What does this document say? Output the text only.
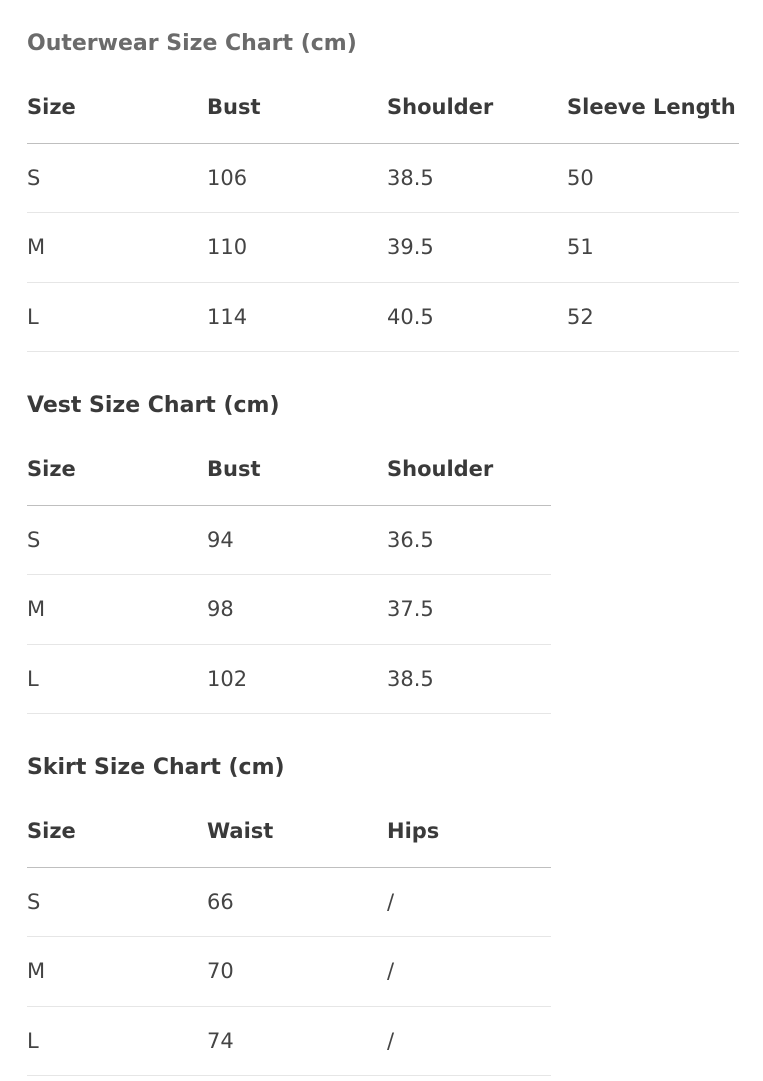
Outerwear Size Chart (cm)
Size	Bust	Shoulder	Sleeve Length
S	106	38.5	50
M	110	39.5	51
L	114	40.5	52
Vest Size Chart (cm)
Size	Bust	Shoulder
S	94	36.5
M	98	37.5
L	102	38.5
Skirt Size Chart (cm)
Size	Waist	Hips
S	66	/
M	70	/
L	74	/
